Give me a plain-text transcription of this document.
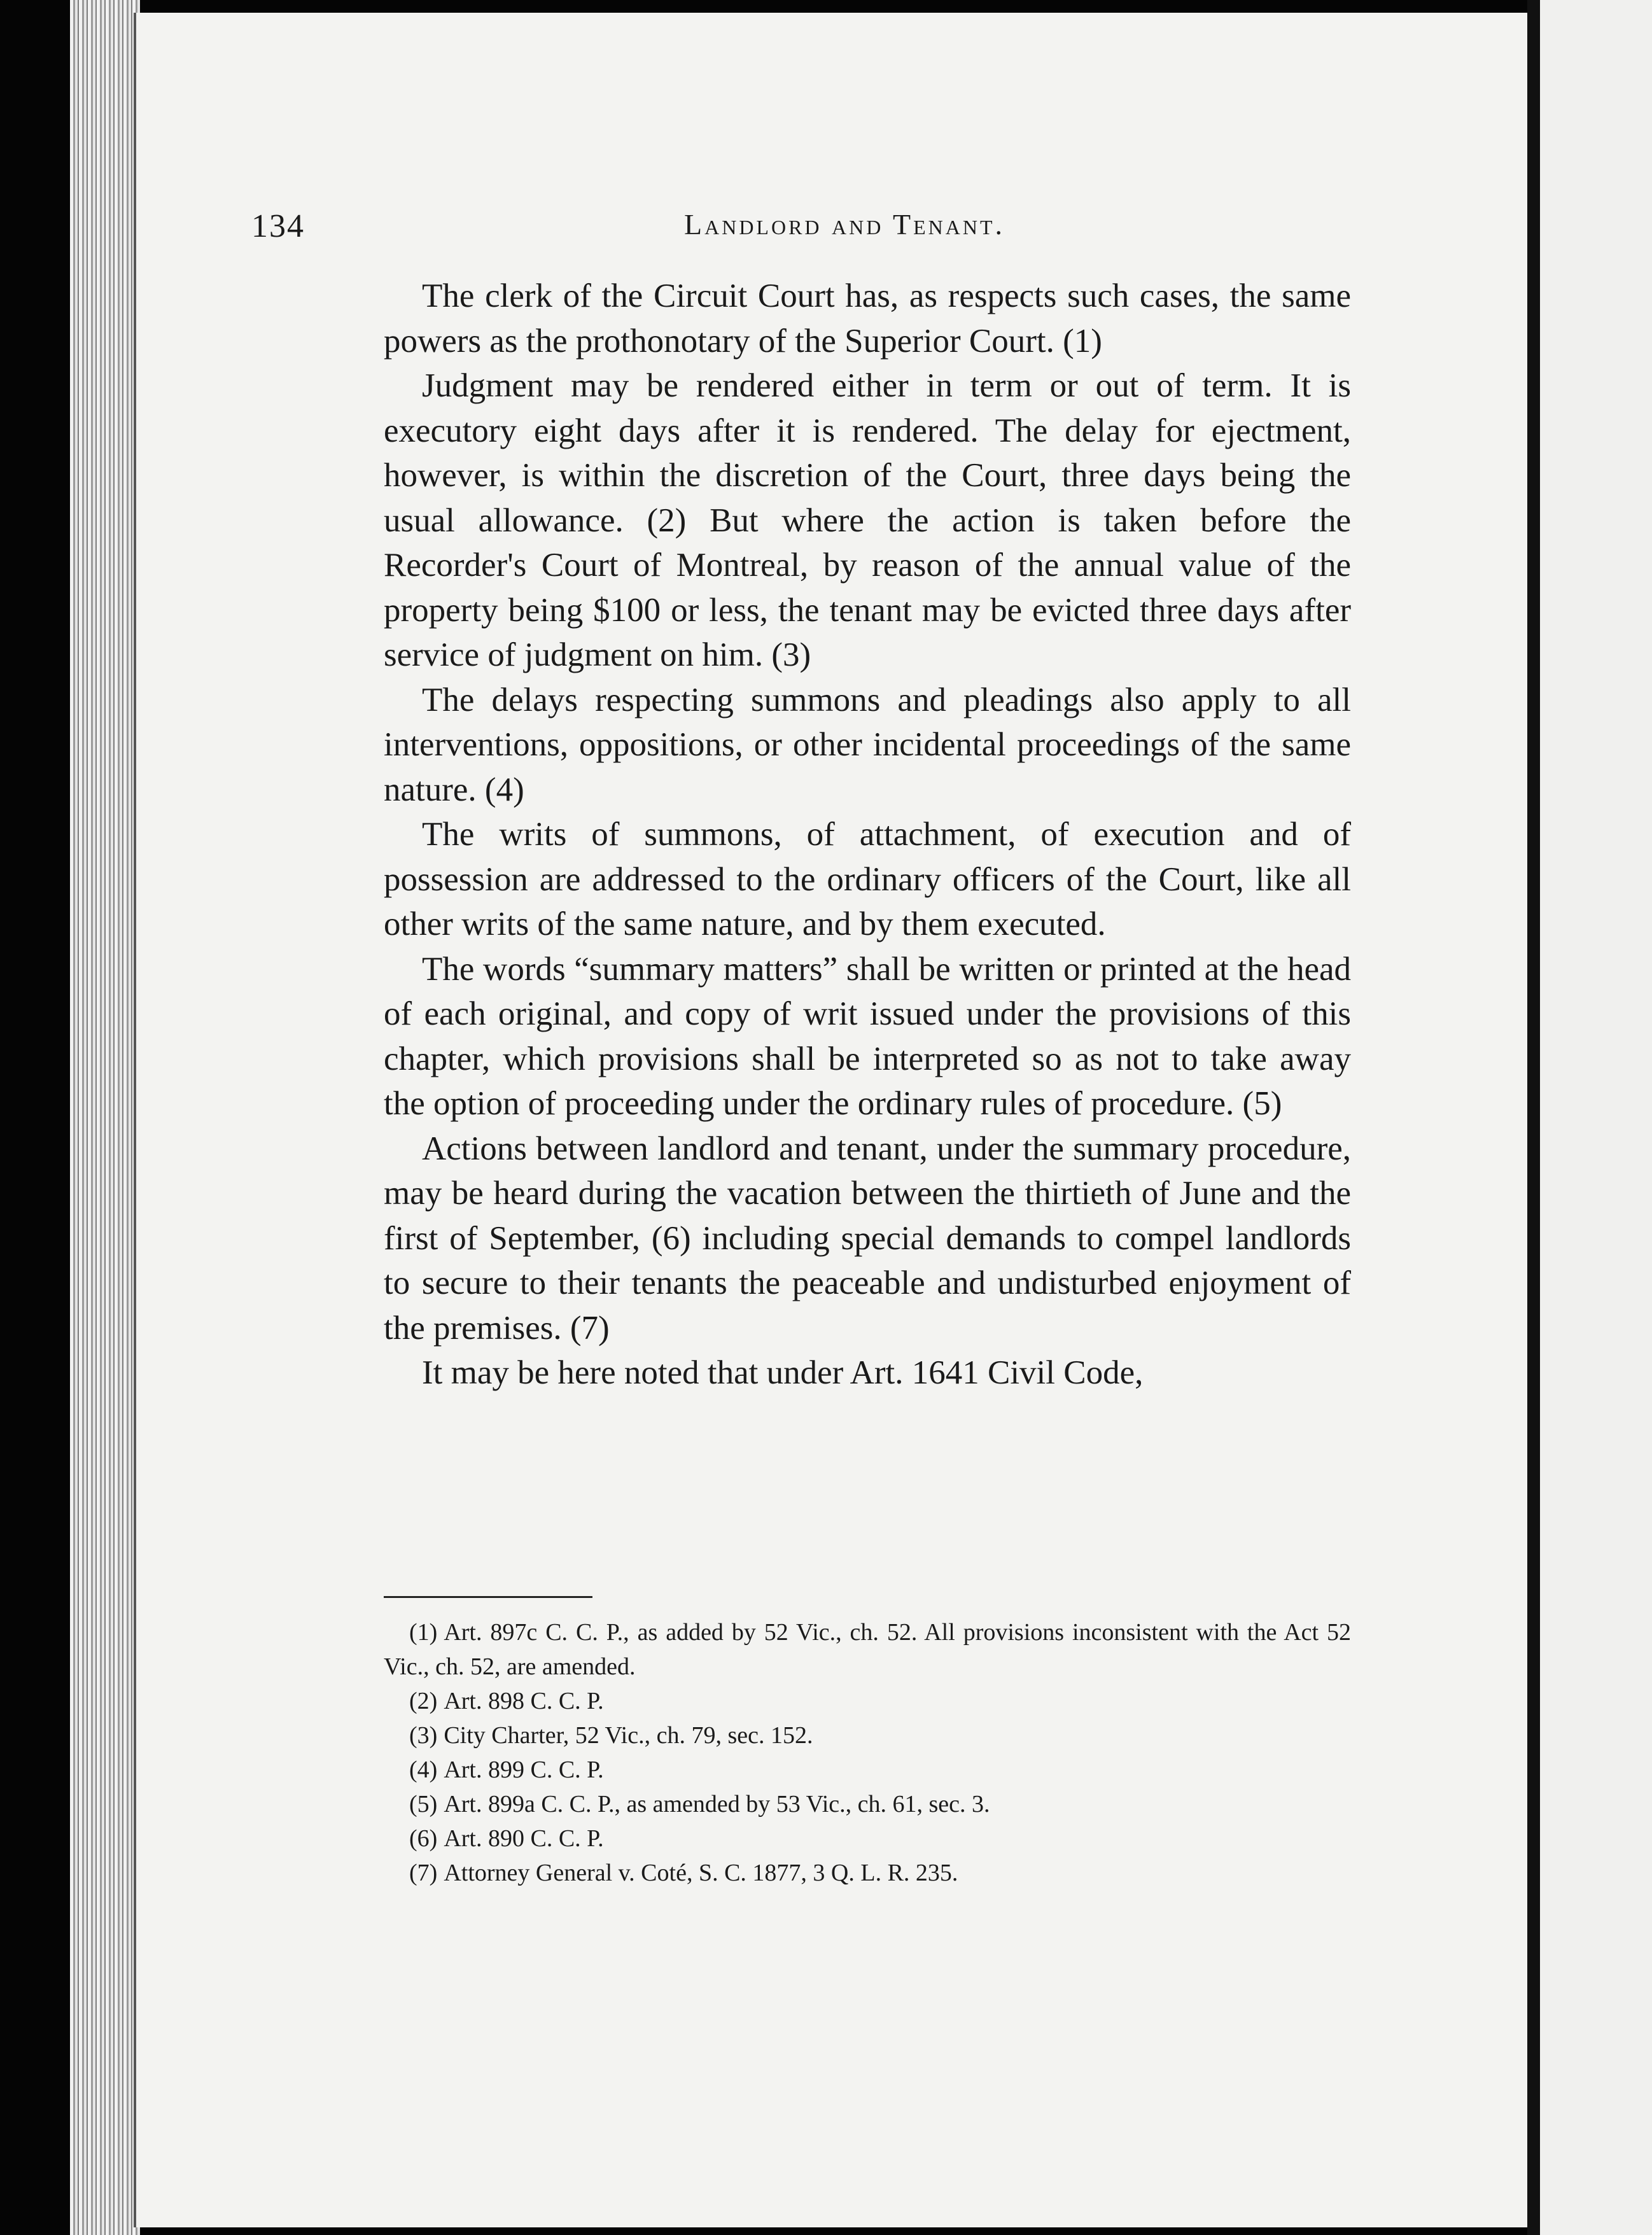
134	Landlord and Tenant.

The clerk of the Circuit Court has, as respects such cases, the same powers as the prothonotary of the Superior Court. (1)

Judgment may be rendered either in term or out of term. It is executory eight days after it is rendered. The delay for ejectment, however, is within the discretion of the Court, three days being the usual allowance. (2) But where the action is taken before the Recorder's Court of Montreal, by reason of the annual value of the property being $100 or less, the tenant may be evicted three days after service of judgment on him. (3)

The delays respecting summons and pleadings also apply to all interventions, oppositions, or other incidental proceedings of the same nature. (4)

The writs of summons, of attachment, of execution and of possession are addressed to the ordinary officers of the Court, like all other writs of the same nature, and by them executed.

The words “summary matters” shall be written or printed at the head of each original, and copy of writ issued under the provisions of this chapter, which provisions shall be interpreted so as not to take away the option of proceeding under the ordinary rules of procedure. (5)

Actions between landlord and tenant, under the summary procedure, may be heard during the vacation between the thirtieth of June and the first of September, (6) including special demands to compel landlords to secure to their tenants the peaceable and undisturbed enjoyment of the premises. (7)

It may be here noted that under Art. 1641 Civil Code,

(1) Art. 897c C. C. P., as added by 52 Vic., ch. 52. All provisions inconsistent with the Act 52 Vic., ch. 52, are amended.

(2) Art. 898 C. C. P.

(3) City Charter, 52 Vic., ch. 79, sec. 152.

(4) Art. 899 C. C. P.

(5) Art. 899a C. C. P., as amended by 53 Vic., ch. 61, sec. 3.

(6) Art. 890 C. C. P.

(7) Attorney General v. Coté, S. C. 1877, 3 Q. L. R. 235.
